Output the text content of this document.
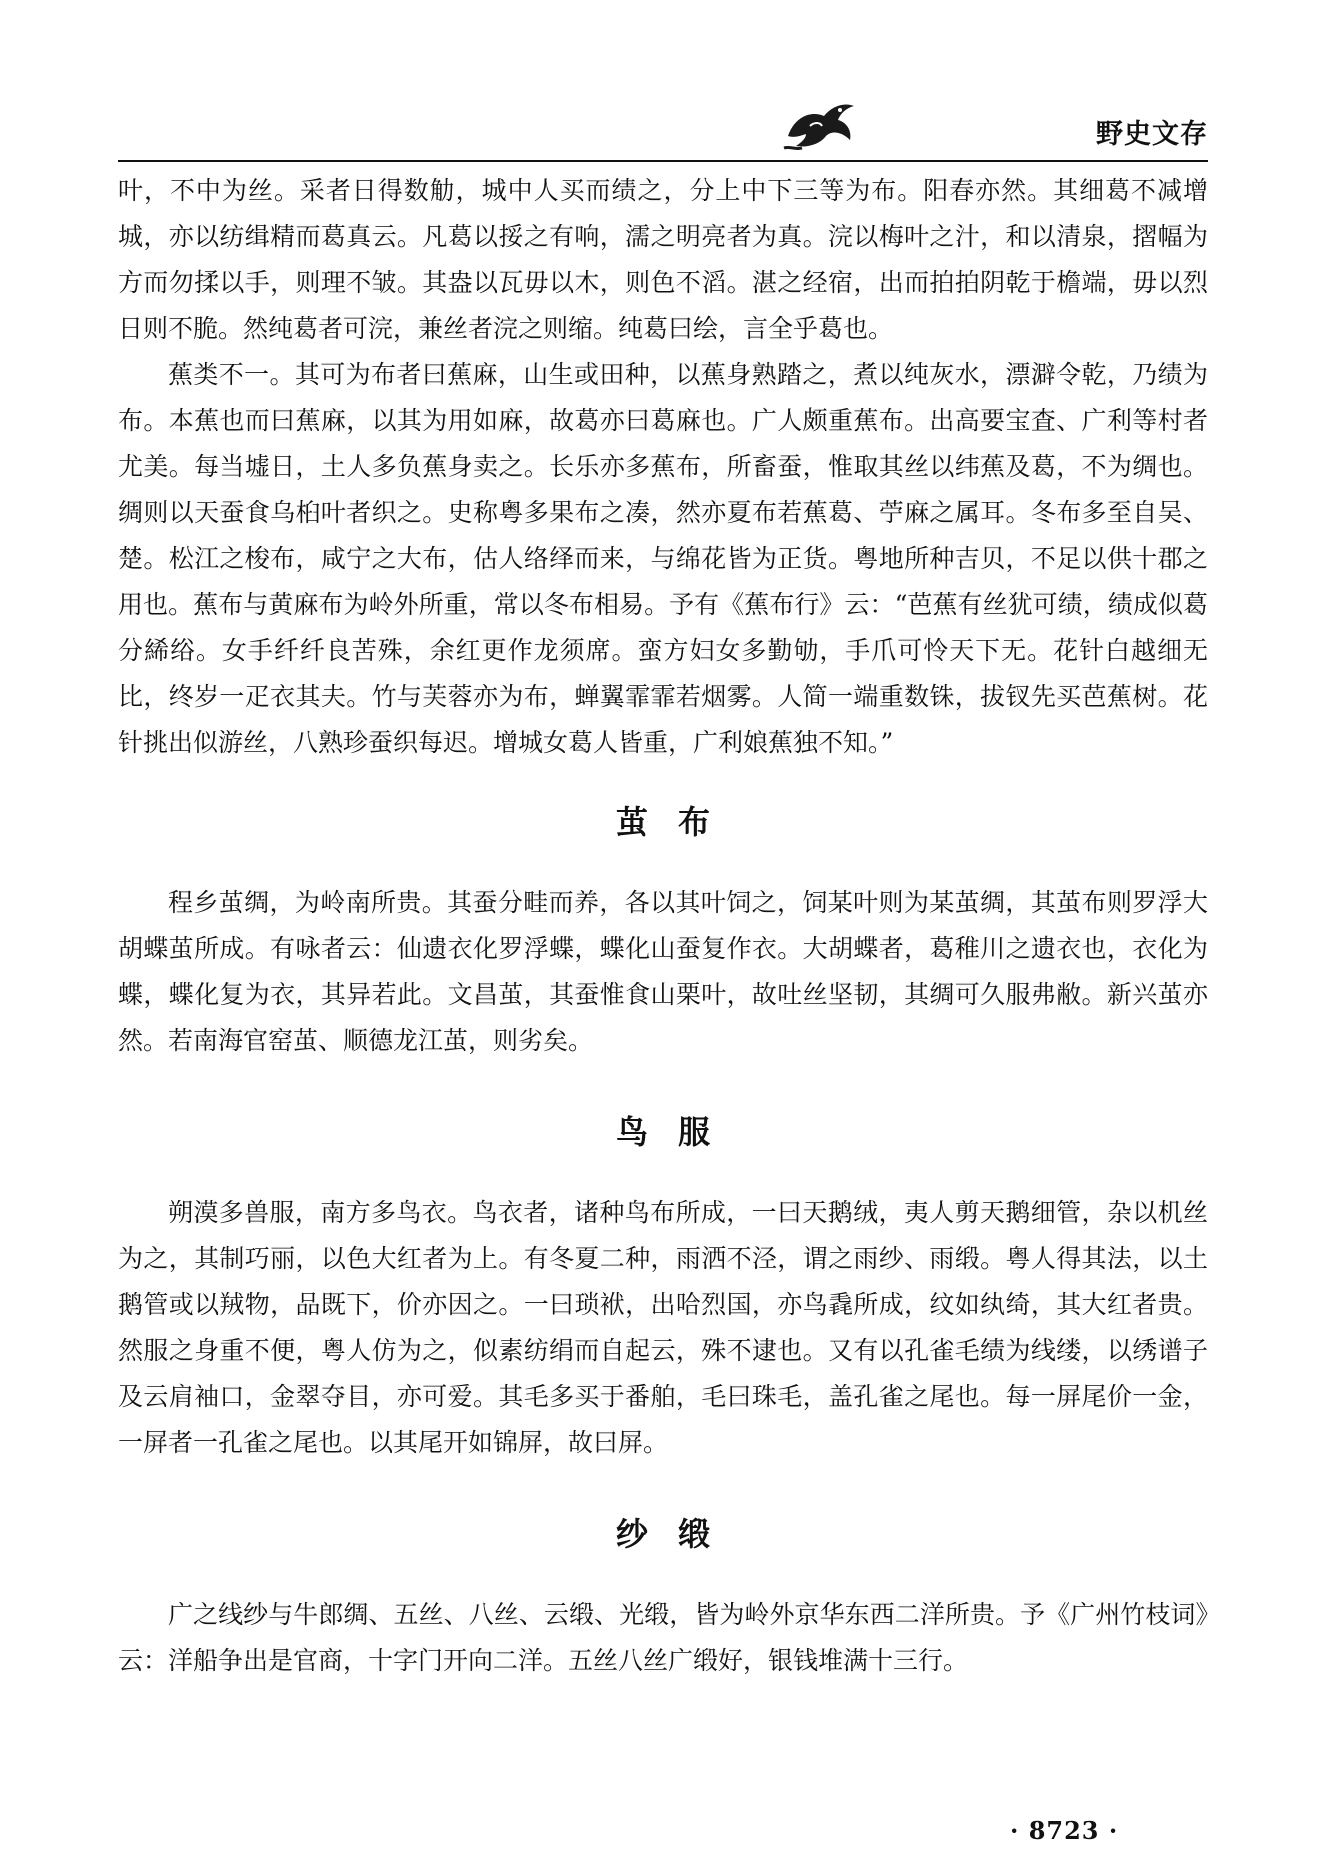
野史文存

叶，不中为丝。采者日得数觔，城中人买而绩之，分上中下三等为布。阳春亦然。其细葛不减增城，亦以纺缉精而葛真云。凡葛以挼之有响，濡之明亮者为真。浣以梅叶之汁，和以清泉，摺幅为方而勿揉以手，则理不皱。其盎以瓦毋以木，则色不滔。湛之经宿，出而拍拍阴乾于檐端，毋以烈日则不脆。然纯葛者可浣，兼丝者浣之则缩。纯葛曰绘，言全乎葛也。

蕉类不一。其可为布者曰蕉麻，山生或田种，以蕉身熟踏之，煮以纯灰水，漂澼令乾，乃绩为布。本蕉也而曰蕉麻，以其为用如麻，故葛亦曰葛麻也。广人颇重蕉布。出高要宝査、广利等村者尤美。每当墟日，土人多负蕉身卖之。长乐亦多蕉布，所畜蚕，惟取其丝以纬蕉及葛，不为绸也。绸则以天蚕食乌桕叶者织之。史称粤多果布之凑，然亦夏布若蕉葛、苧麻之属耳。冬布多至自吴、楚。松江之梭布，咸宁之大布，估人络绎而来，与绵花皆为正货。粤地所种吉贝，不足以供十郡之用也。蕉布与黄麻布为岭外所重，常以冬布相易。予有《蕉布行》云：“芭蕉有丝犹可绩，绩成似葛分絺绤。女手纤纤良苦殊，余红更作龙须席。蛮方妇女多勤劬，手爪可怜天下无。花针白越细无比，终岁一疋衣其夫。竹与芙蓉亦为布，蝉翼霏霏若烟雾。人简一端重数铢，拔钗先买芭蕉树。花针挑出似游丝，八熟珍蚕织每迟。增城女葛人皆重，广利娘蕉独不知。”

茧布

程乡茧绸，为岭南所贵。其蚕分畦而养，各以其叶饲之，饲某叶则为某茧绸，其茧布则罗浮大胡蝶茧所成。有咏者云：仙遗衣化罗浮蝶，蝶化山蚕复作衣。大胡蝶者，葛稚川之遗衣也，衣化为蝶，蝶化复为衣，其异若此。文昌茧，其蚕惟食山栗叶，故吐丝坚韧，其绸可久服弗敝。新兴茧亦然。若南海官窑茧、顺德龙江茧，则劣矣。

鸟服

朔漠多兽服，南方多鸟衣。鸟衣者，诸种鸟布所成，一曰天鹅绒，夷人剪天鹅细管，杂以机丝为之，其制巧丽，以色大红者为上。有冬夏二种，雨洒不泾，谓之雨纱、雨缎。粤人得其法，以土鹅管或以羢物，品既下，价亦因之。一曰琐袱，出哈烈国，亦鸟毳所成，纹如纨绮，其大红者贵。然服之身重不便，粤人仿为之，似素纺绢而自起云，殊不逮也。又有以孔雀毛绩为线缕，以绣谱子及云肩袖口，金翠夺目，亦可爱。其毛多买于番舶，毛曰珠毛，盖孔雀之尾也。每一屏尾价一金，一屏者一孔雀之尾也。以其尾开如锦屏，故曰屏。

纱缎

广之线纱与牛郎绸、五丝、八丝、云缎、光缎，皆为岭外京华东西二洋所贵。予《广州竹枝词》云：洋船争出是官商，十字门开向二洋。五丝八丝广缎好，银钱堆满十三行。

· 8723 ·
